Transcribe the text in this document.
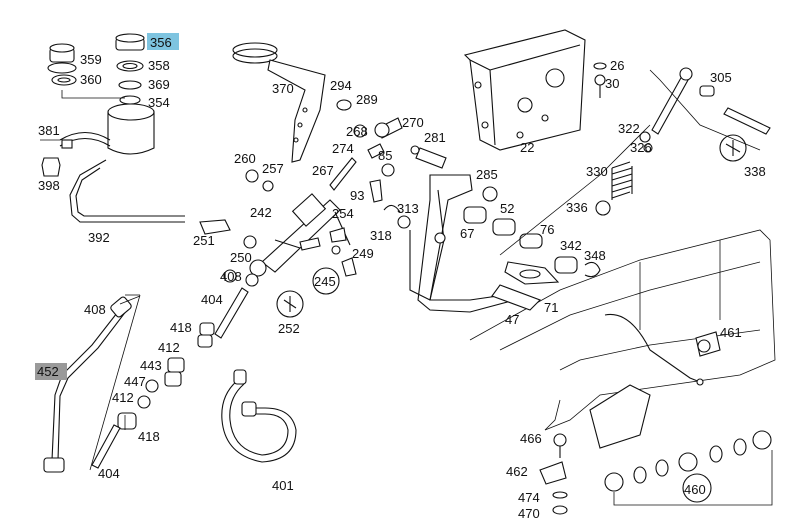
356
359	358
360	369
354
381
398
392
370	294
289
268
270
281
274 85
260
257 267
93
242	254	313
318
251
250
408	245
249
404
252
408
418
412
443
447
412
418
404
452
401
22
26
30	305
322
326
338
330
336
285
52
67	76
342
348
71
47
461
466
462
474
470
460
